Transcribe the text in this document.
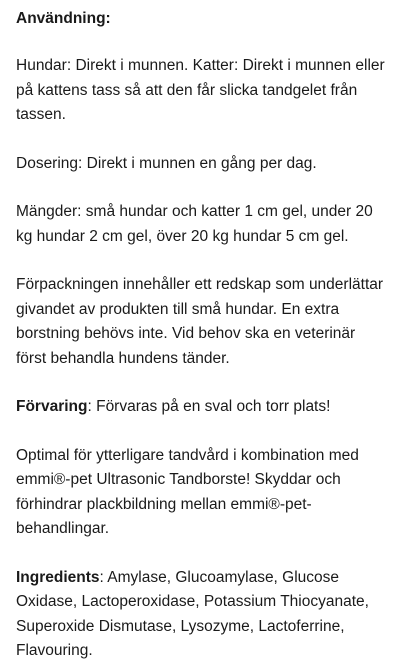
Användning:

Hundar: Direkt i munnen. Katter: Direkt i munnen eller på kattens tass så att den får slicka tandgelet från tassen.

Dosering: Direkt i munnen en gång per dag.

Mängder: små hundar och katter 1 cm gel, under 20 kg hundar 2 cm gel, över 20 kg hundar 5 cm gel.

Förpackningen innehåller ett redskap som underlättar givandet av produkten till små hundar. En extra borstning behövs inte. Vid behov ska en veterinär först behandla hundens tänder.

Förvaring: Förvaras på en sval och torr plats!

Optimal för ytterligare tandvård i kombination med emmi®-pet Ultrasonic Tandborste! Skyddar och förhindrar plackbildning mellan emmi®-pet-behandlingar.

Ingredients: Amylase, Glucoamylase, Glucose Oxidase, Lactoperoxidase, Potassium Thiocyanate, Superoxide Dismutase, Lysozyme, Lactoferrine, Flavouring.
